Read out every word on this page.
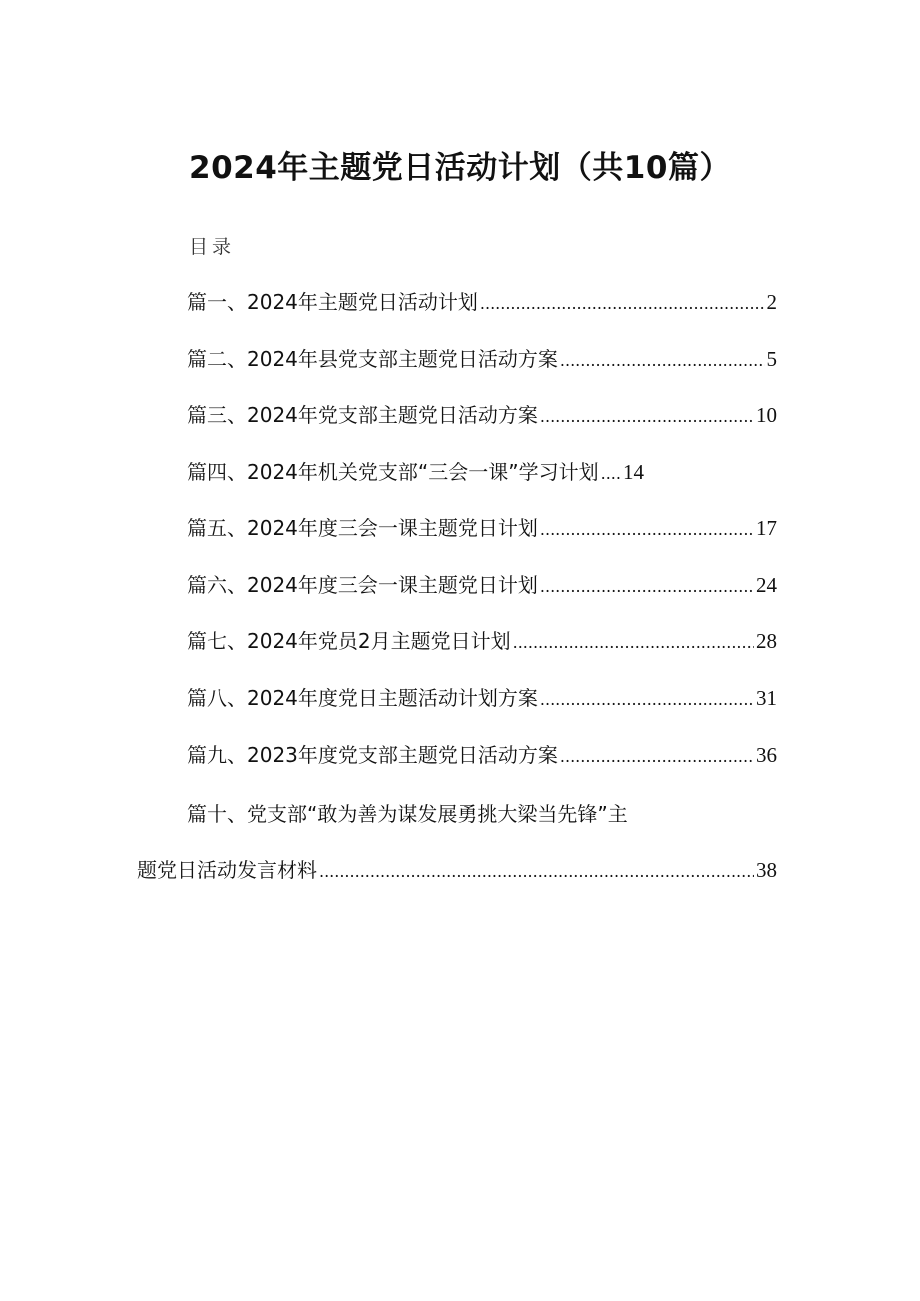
2024年主题党日活动计划（共10篇）
目录
篇一、2024年主题党日活动计划 .....	2
篇二、2024年县党支部主题党日活动方案 .....	5
篇三、2024年党支部主题党日活动方案 .....	10
篇四、2024年机关党支部“三会一课”学习计划 .... 14
篇五、2024年度三会一课主题党日计划 .....	17
篇六、2024年度三会一课主题党日计划 .....	24
篇七、2024年党员2月主题党日计划 .....	28
篇八、2024年度党日主题活动计划方案 .....	31
篇九、2023年度党支部主题党日活动方案 .....	36
篇十、党支部“敢为善为谋发展勇挑大梁当先锋”主
题党日活动发言材料 .....	38
